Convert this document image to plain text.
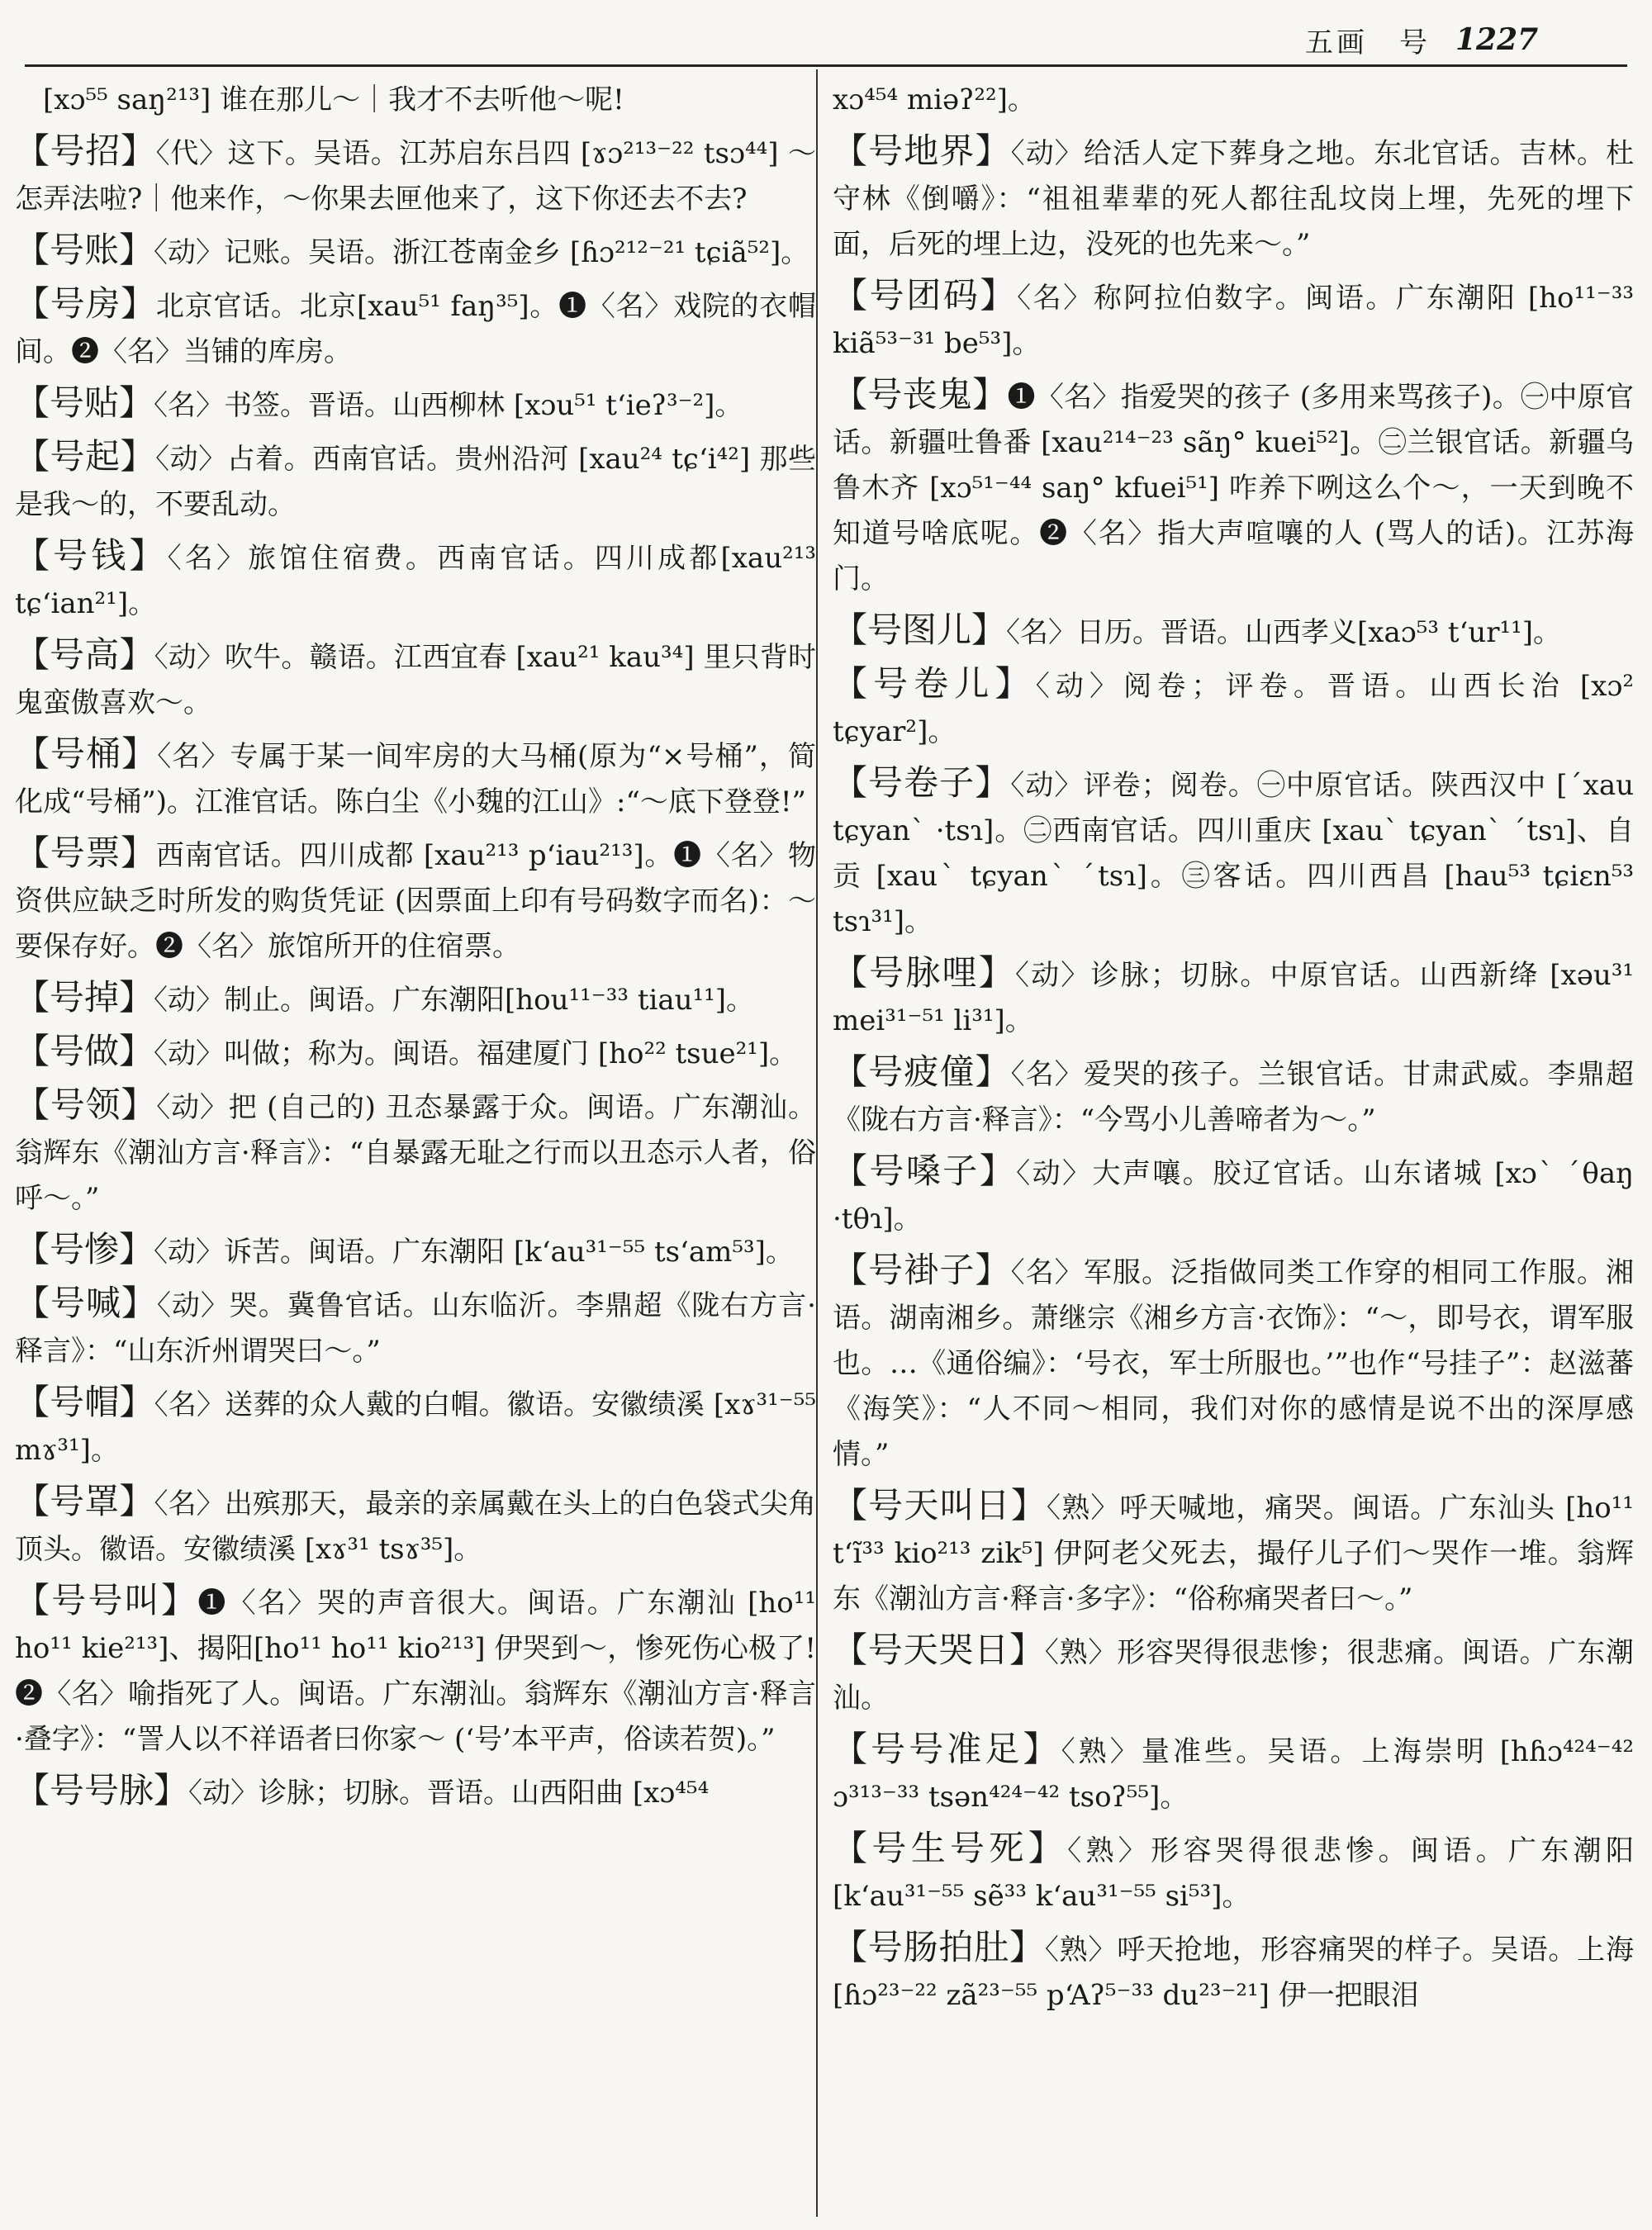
五画　号 1227
　[xɔ⁵⁵ saŋ²¹³] 谁在那儿～｜我才不去听他～呢!
【号招】〈代〉这下。吴语。江苏启东吕四 [ɤɔ²¹³⁻²² tsɔ⁴⁴] ～怎弄法啦?｜他来作，～你果去匣他来了，这下你还去不去?
【号账】〈动〉记账。吴语。浙江苍南金乡 [ɦɔ²¹²⁻²¹ tɕiã⁵²]。
【号房】北京官话。北京[xau⁵¹ faŋ³⁵]。❶〈名〉戏院的衣帽间。❷〈名〉当铺的库房。
【号贴】〈名〉书签。晋语。山西柳林 [xɔu⁵¹ tʻieʔ³⁻²]。
【号起】〈动〉占着。西南官话。贵州沿河 [xau²⁴ tɕʻi⁴²] 那些是我～的，不要乱动。
【号钱】〈名〉旅馆住宿费。西南官话。四川成都[xau²¹³ tɕʻian²¹]。
【号高】〈动〉吹牛。赣语。江西宜春 [xau²¹ kau³⁴] 里只背时鬼蛮傲喜欢～。
【号桶】〈名〉专属于某一间牢房的大马桶(原为“×号桶”，简化成“号桶”)。江淮官话。陈白尘《小魏的江山》:“～底下登登!”
【号票】西南官话。四川成都 [xau²¹³ pʻiau²¹³]。❶〈名〉物资供应缺乏时所发的购货凭证 (因票面上印有号码数字而名)：～要保存好。❷〈名〉旅馆所开的住宿票。
【号掉】〈动〉制止。闽语。广东潮阳[hou¹¹⁻³³ tiau¹¹]。
【号做】〈动〉叫做；称为。闽语。福建厦门 [ho²² tsue²¹]。
【号领】〈动〉把 (自己的) 丑态暴露于众。闽语。广东潮汕。翁辉东《潮汕方言·释言》：“自暴露无耻之行而以丑态示人者，俗呼～。”
【号惨】〈动〉诉苦。闽语。广东潮阳 [kʻau³¹⁻⁵⁵ tsʻam⁵³]。
【号喊】〈动〉哭。冀鲁官话。山东临沂。李鼎超《陇右方言·释言》：“山东沂州谓哭曰～。”
【号帽】〈名〉送葬的众人戴的白帽。徽语。安徽绩溪 [xɤ³¹⁻⁵⁵ mɤ³¹]。
【号罩】〈名〉出殡那天，最亲的亲属戴在头上的白色袋式尖角顶头。徽语。安徽绩溪 [xɤ³¹ tsɤ³⁵]。
【号号叫】❶〈名〉哭的声音很大。闽语。广东潮汕 [ho¹¹ ho¹¹ kie²¹³]、揭阳[ho¹¹ ho¹¹ kio²¹³] 伊哭到～，惨死伤心极了!❷〈名〉喻指死了人。闽语。广东潮汕。翁辉东《潮汕方言·释言·叠字》：“詈人以不祥语者曰你家～ (‘号’本平声，俗读若贺)。”
【号号脉】〈动〉诊脉；切脉。晋语。山西阳曲 [xɔ⁴⁵⁴
xɔ⁴⁵⁴ miəʔ²²]。
【号地界】〈动〉给活人定下葬身之地。东北官话。吉林。杜守林《倒嚼》：“祖祖辈辈的死人都往乱坟岗上埋，先死的埋下面，后死的埋上边，没死的也先来～。”
【号团码】〈名〉称阿拉伯数字。闽语。广东潮阳 [ho¹¹⁻³³ kiã⁵³⁻³¹ be⁵³]。
【号丧鬼】❶〈名〉指爱哭的孩子 (多用来骂孩子)。㊀中原官话。新疆吐鲁番 [xau²¹⁴⁻²³ sãŋ° kuei⁵²]。㊁兰银官话。新疆乌鲁木齐 [xɔ⁵¹⁻⁴⁴ saŋ° kfuei⁵¹] 咋养下咧这么个～，一天到晚不知道号啥底呢。❷〈名〉指大声喧嚷的人 (骂人的话)。江苏海门。
【号图儿】〈名〉日历。晋语。山西孝义[xaɔ⁵³ tʻur¹¹]。
【号卷儿】〈动〉阅卷；评卷。晋语。山西长治 [xɔ² tɕyar²]。
【号卷子】〈动〉评卷；阅卷。㊀中原官话。陕西汉中 [ˊxau tɕyanˋ ·tsɿ]。㊁西南官话。四川重庆 [xauˋ tɕyanˋ ˊtsɿ]、自贡 [xauˋ tɕyanˋ ˊtsɿ]。㊂客话。四川西昌 [hau⁵³ tɕiɛn⁵³ tsɿ³¹]。
【号脉哩】〈动〉诊脉；切脉。中原官话。山西新绛 [xəu³¹ mei³¹⁻⁵¹ li³¹]。
【号疲僮】〈名〉爱哭的孩子。兰银官话。甘肃武威。李鼎超《陇右方言·释言》：“今骂小儿善啼者为～。”
【号嗓子】〈动〉大声嚷。胶辽官话。山东诸城 [xɔˋ ˊθaŋ ·tθɿ]。
【号褂子】〈名〉军服。泛指做同类工作穿的相同工作服。湘语。湖南湘乡。萧继宗《湘乡方言·衣饰》：“～，即号衣，谓军服也。…《通俗编》：‘号衣，军士所服也。’”也作“号挂子”：赵滋蕃《海笑》：“人不同～相同，我们对你的感情是说不出的深厚感情。”
【号天叫日】〈熟〉呼天喊地，痛哭。闽语。广东汕头 [ho¹¹ tʻĩ³³ kio²¹³ zik⁵] 伊阿老父死去，撮仔儿子们～哭作一堆。翁辉东《潮汕方言·释言·多字》：“俗称痛哭者曰～。”
【号天哭日】〈熟〉形容哭得很悲惨；很悲痛。闽语。广东潮汕。
【号号准足】〈熟〉量准些。吴语。上海崇明 [hɦɔ⁴²⁴⁻⁴² ɔ³¹³⁻³³ tsən⁴²⁴⁻⁴² tsoʔ⁵⁵]。
【号生号死】〈熟〉形容哭得很悲惨。闽语。广东潮阳 [kʻau³¹⁻⁵⁵ sẽ³³ kʻau³¹⁻⁵⁵ si⁵³]。
【号肠拍肚】〈熟〉呼天抢地，形容痛哭的样子。吴语。上海 [ɦɔ²³⁻²² zã²³⁻⁵⁵ pʻAʔ⁵⁻³³ du²³⁻²¹] 伊一把眼泪
